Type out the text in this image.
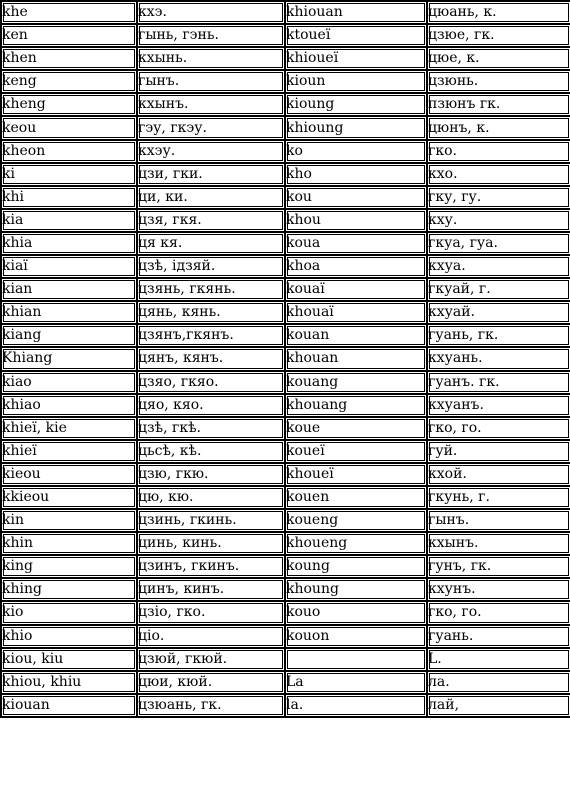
khe	кхэ.	khiouan	цюань, к.
ken	гынь, гэнь.	ktoueï	цзюе, гк.
khen	кхынь.	khioueï	цюе, к.
keng	гынъ.	kioun	цзюнь.
kheng	кхынъ.	kioung	пзюнъ гк.
keou	гэу, гкэу.	khioung	цюнъ, к.
kheon	кхэу.	ko	гко.
ki	цзи, гки.	kho	кхо.
khi	ци, ки.	kou	гку, гу.
kia	цзя, гкя.	khou	кху.
khia	ця кя.	koua	гкуа, гуа.
kiaï	цзѣ, ідзяй.	khoa	кхуа.
kian	цзянь, гкянь.	kouaï	гкуай, г.
khian	цянь, кянь.	khouaï	кхуай.
kiang	цзянъ,гкянъ.	kouan	гуань, гк.
Khiang	цянъ, кянъ.	khouan	кхуань.
kiao	цзяо, гкяо.	kouang	гуанъ. гк.
khiao	цяо, кяо.	khouang	кхуанъ.
khieï, kie	цзѣ, гкѣ.	koue	гко, го.
khieï	цьсѣ, кѣ.	koueï	гуй.
kieou	цзю, гкю.	khoueï	кхой.
kkieou	цю, кю.	kouen	гкунь, г.
kin	цзинь, гкинь.	koueng	гынъ.
khin	цинь, кинь.	khoueng	кхынъ.
king	цзинъ, гкинъ.	koung	гунъ, гк.
khing	цинъ, кинъ.	khoung	кхунъ.
kio	цзіо, гко.	kouo	гко, го.
khio	ціо.	kouon	гуань.
kiou, kiu	цзюй, гкюй.		L.
khiou, khiu	цюи, кюй.	La	ла.
kiouan	цзюань, гк.	la.	лай,
